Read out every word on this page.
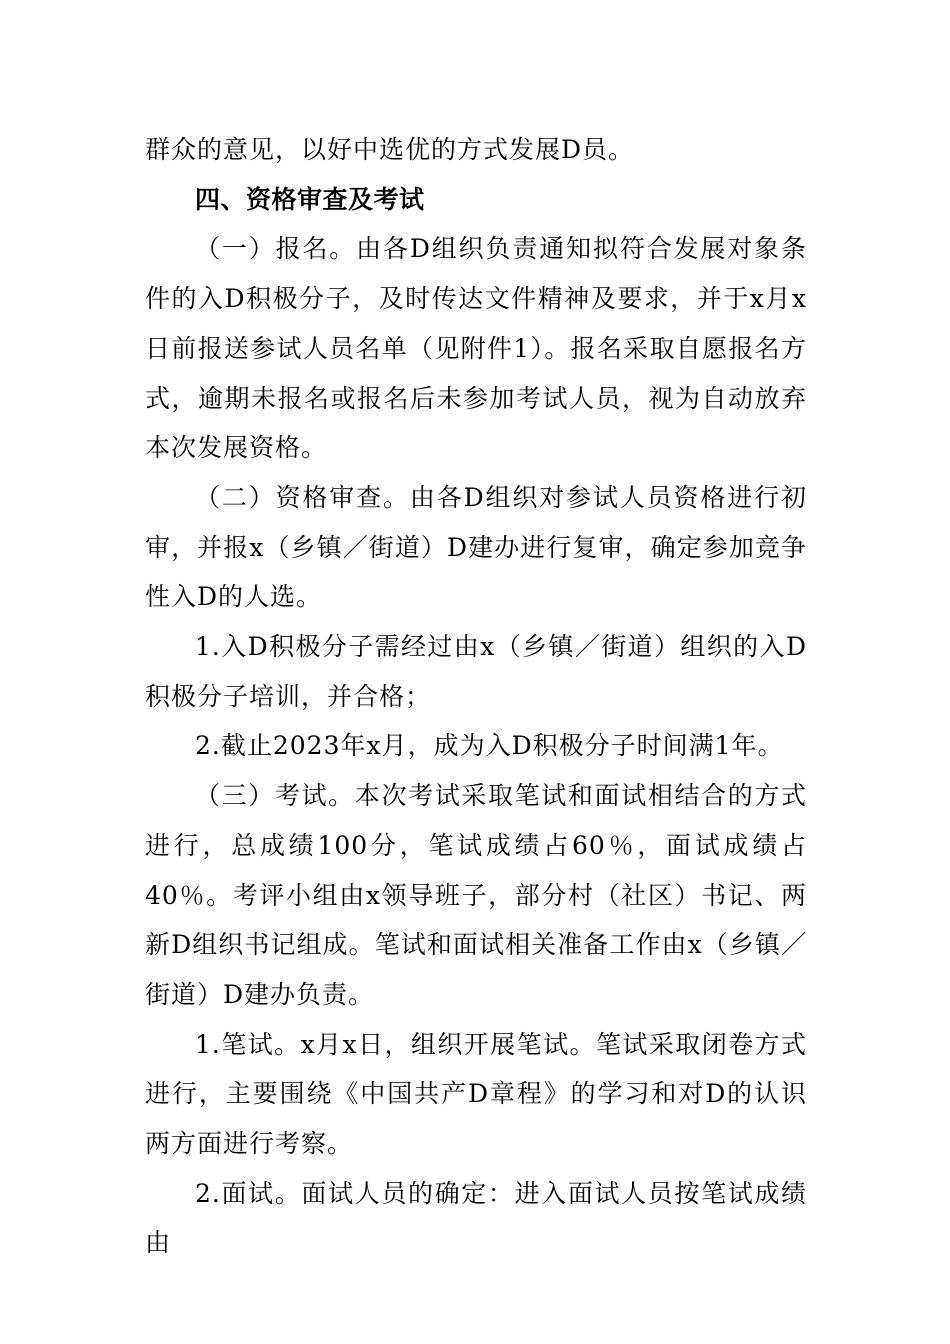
群众的意见，以好中选优的方式发展D员。

四、资格审查及考试

（一）报名。由各D组织负责通知拟符合发展对象条件的入D积极分子，及时传达文件精神及要求，并于x月x日前报送参试人员名单（见附件1）。报名采取自愿报名方式，逾期未报名或报名后未参加考试人员，视为自动放弃本次发展资格。

（二）资格审查。由各D组织对参试人员资格进行初审，并报x（乡镇／街道）D建办进行复审，确定参加竞争性入D的人选。

1.入D积极分子需经过由x（乡镇／街道）组织的入D积极分子培训，并合格；

2.截止2023年x月，成为入D积极分子时间满1年。

（三）考试。本次考试采取笔试和面试相结合的方式进行，总成绩100分，笔试成绩占60％，面试成绩占40％。考评小组由x领导班子，部分村（社区）书记、两新D组织书记组成。笔试和面试相关准备工作由x（乡镇／街道）D建办负责。

1.笔试。x月x日，组织开展笔试。笔试采取闭卷方式进行，主要围绕《中国共产D章程》的学习和对D的认识两方面进行考察。

2.面试。面试人员的确定：进入面试人员按笔试成绩由
